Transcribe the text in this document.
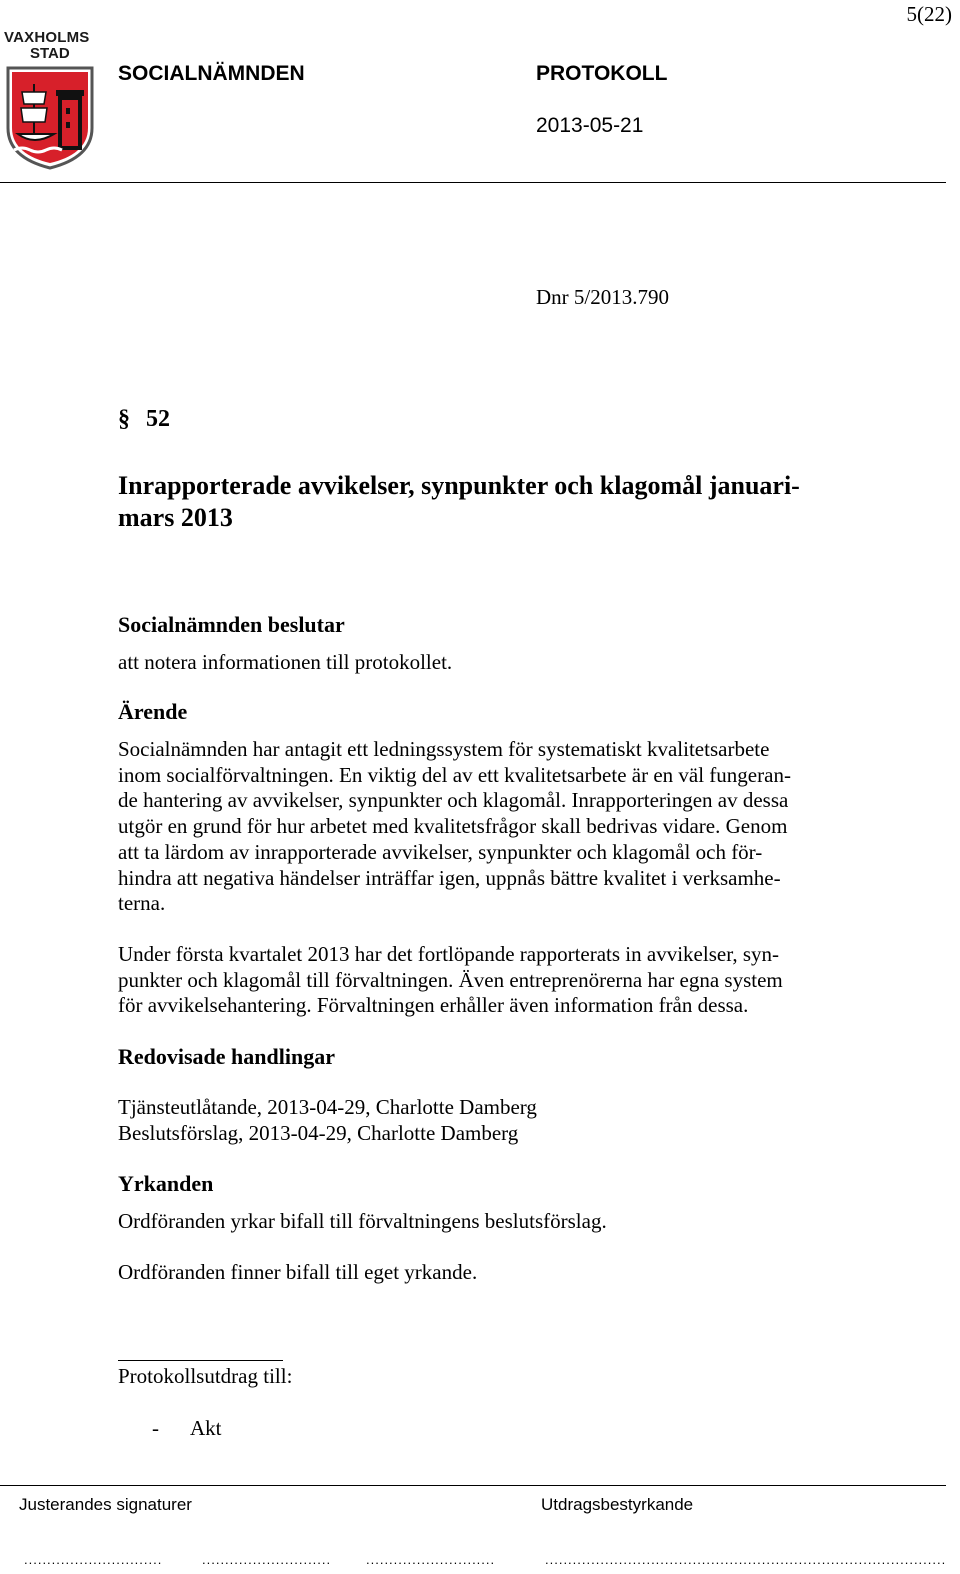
5(22)
VAXHOLMS
STAD
SOCIALNÄMNDEN	PROTOKOLL
2013-05-21
Dnr 5/2013.790
§ 52
Inrapporterade avvikelser, synpunkter och klagomål januari-
mars 2013
Socialnämnden beslutar
att notera informationen till protokollet.
Ärende
Socialnämnden har antagit ett ledningssystem för systematiskt kvalitetsarbete
inom socialförvaltningen. En viktig del av ett kvalitetsarbete är en väl fungeran-
de hantering av avvikelser, synpunkter och klagomål. Inrapporteringen av dessa
utgör en grund för hur arbetet med kvalitetsfrågor skall bedrivas vidare. Genom
att ta lärdom av inrapporterade avvikelser, synpunkter och klagomål och för-
hindra att negativa händelser inträffar igen, uppnås bättre kvalitet i verksamhe-
terna.
Under första kvartalet 2013 har det fortlöpande rapporterats in avvikelser, syn-
punkter och klagomål till förvaltningen. Även entreprenörerna har egna system
för avvikelsehantering. Förvaltningen erhåller även information från dessa.
Redovisade handlingar
Tjänsteutlåtande, 2013-04-29, Charlotte Damberg
Beslutsförslag, 2013-04-29, Charlotte Damberg
Yrkanden
Ordföranden yrkar bifall till förvaltningens beslutsförslag.
Ordföranden finner bifall till eget yrkande.
Protokollsutdrag till:
- Akt
Justerandes signaturer	Utdragsbestyrkande
..............................	............................	............................	.......................................................................................
